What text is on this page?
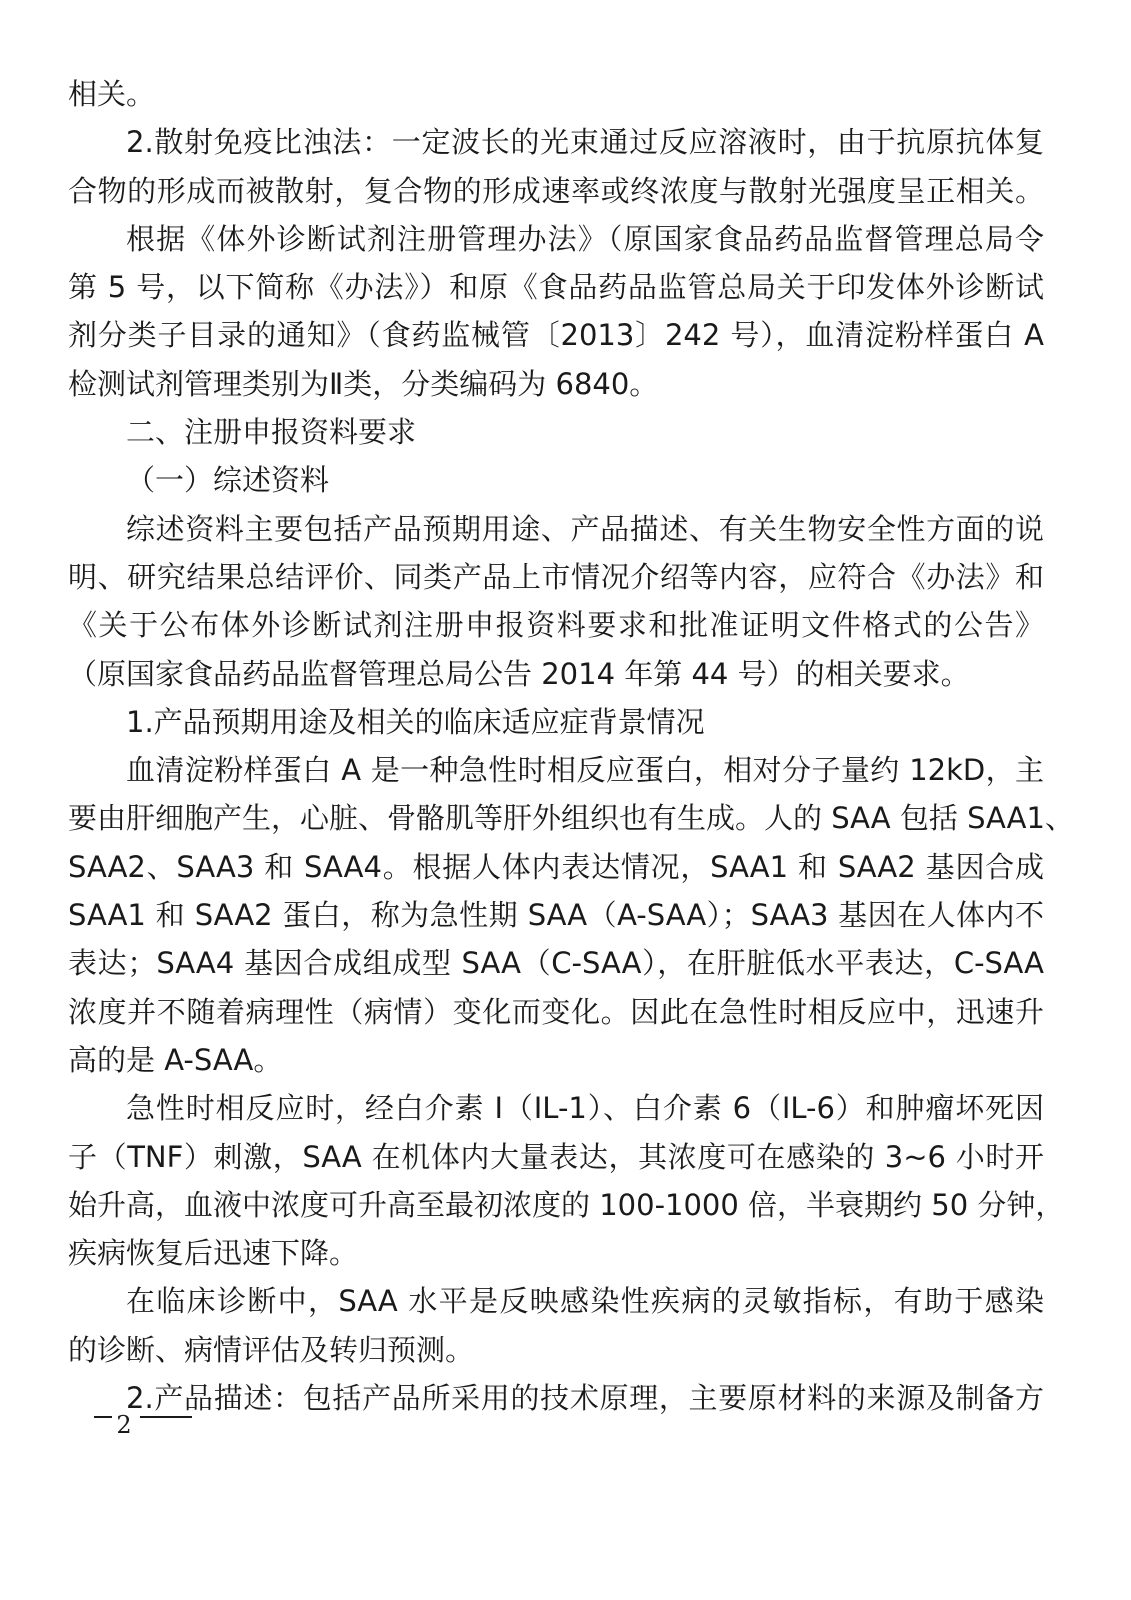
相关。
2.散射免疫比浊法：一定波长的光束通过反应溶液时，由于抗原抗体复
合物的形成而被散射，复合物的形成速率或终浓度与散射光强度呈正相关。
根据《体外诊断试剂注册管理办法》（原国家食品药品监督管理总局令
第 5 号，以下简称《办法》）和原《食品药品监管总局关于印发体外诊断试
剂分类子目录的通知》（食药监械管〔2013〕242 号），血清淀粉样蛋白 A
检测试剂管理类别为Ⅱ类，分类编码为 6840。
二、注册申报资料要求
（一）综述资料
综述资料主要包括产品预期用途、产品描述、有关生物安全性方面的说
明、研究结果总结评价、同类产品上市情况介绍等内容，应符合《办法》和
《关于公布体外诊断试剂注册申报资料要求和批准证明文件格式的公告》
（原国家食品药品监督管理总局公告 2014 年第 44 号）的相关要求。
1.产品预期用途及相关的临床适应症背景情况
血清淀粉样蛋白 A 是一种急性时相反应蛋白，相对分子量约 12kD，主
要由肝细胞产生，心脏、骨骼肌等肝外组织也有生成。人的 SAA 包括 SAA1、
SAA2、SAA3 和 SAA4。根据人体内表达情况，SAA1 和 SAA2 基因合成
SAA1 和 SAA2 蛋白，称为急性期 SAA（A-SAA）；SAA3 基因在人体内不
表达；SAA4 基因合成组成型 SAA（C-SAA），在肝脏低水平表达，C-SAA
浓度并不随着病理性（病情）变化而变化。因此在急性时相反应中，迅速升
高的是 A-SAA。
急性时相反应时，经白介素 I（IL-1）、白介素 6（IL-6）和肿瘤坏死因
子（TNF）刺激，SAA 在机体内大量表达，其浓度可在感染的 3~6 小时开
始升高，血液中浓度可升高至最初浓度的 100-1000 倍，半衰期约 50 分钟，
疾病恢复后迅速下降。
在临床诊断中，SAA 水平是反映感染性疾病的灵敏指标，有助于感染
的诊断、病情评估及转归预测。
2.产品描述：包括产品所采用的技术原理，主要原材料的来源及制备方
2
